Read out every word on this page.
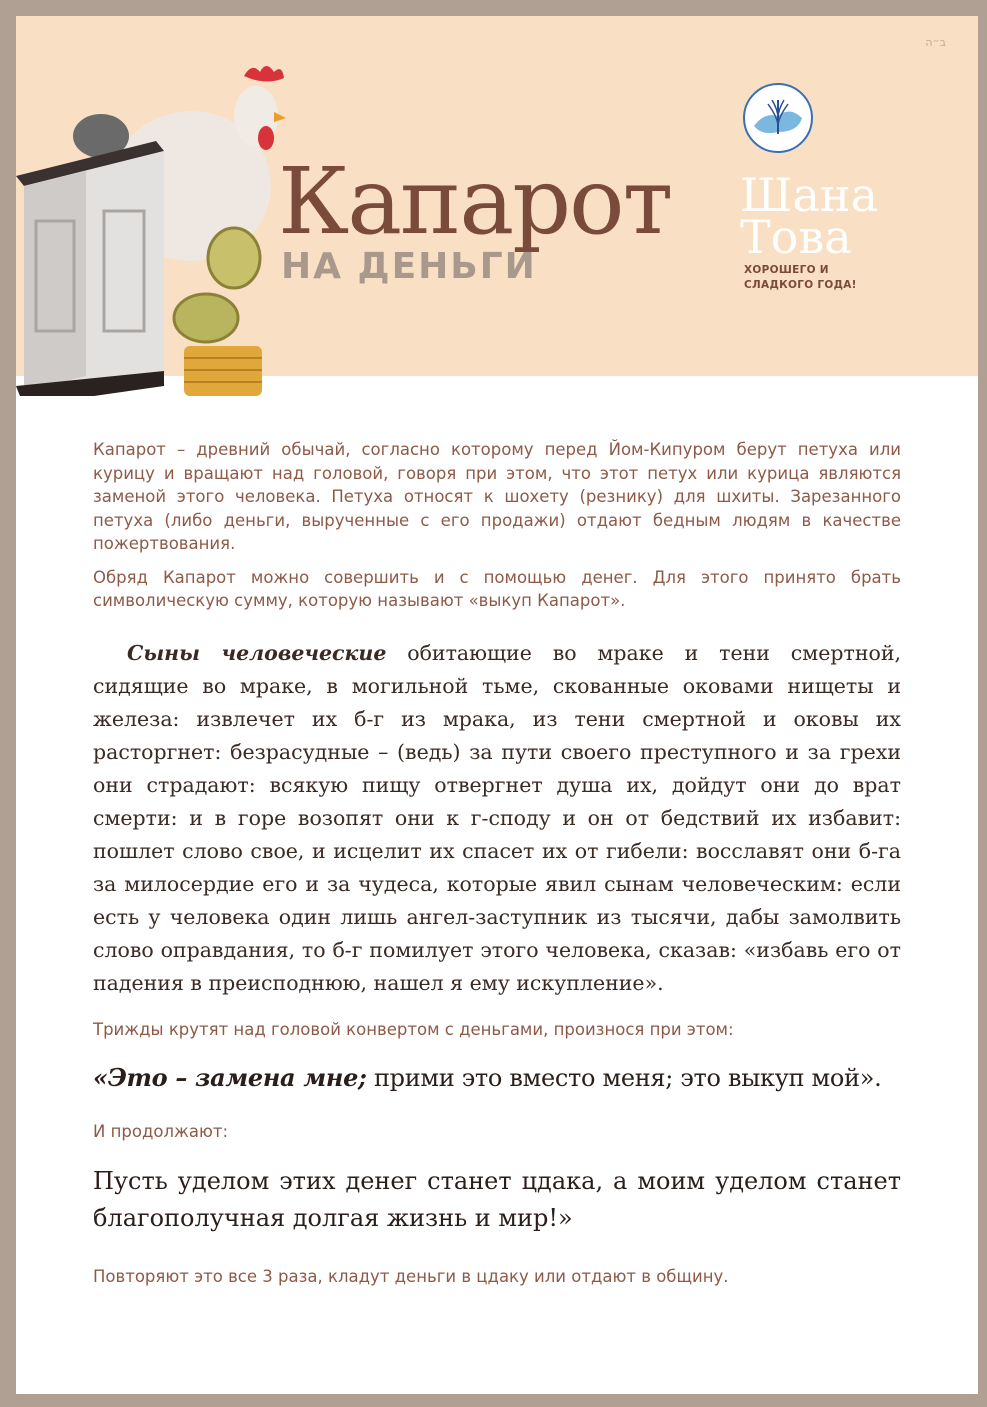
ב״ה
Капарот
НА ДЕНЬГИ
Шана
Това
ХОРОШЕГО И
СЛАДКОГО ГОДА!

Капарот – древний обычай, согласно которому перед Йом-Кипуром берут петуха или курицу и вращают над головой, говоря при этом, что этот петух или курица являются заменой этого человека. Петуха относят к шохету (резнику) для шхиты. Зарезанного петуха (либо деньги, вырученные с его продажи) отдают бедным людям в качестве пожертвования.

Обряд Капарот можно совершить и с помощью денег. Для этого принято брать символическую сумму, которую называют «выкуп Капарот».

Сыны человеческие обитающие во мраке и тени смертной, сидящие во мраке, в могильной тьме, скованные оковами нищеты и железа: извлечет их б-г из мрака, из тени смертной и оковы их расторгнет: безрасудные – (ведь) за пути своего преступного и за грехи они страдают: всякую пищу отвергнет душа их, дойдут они до врат смерти: и в горе возопят они к г-споду и он от бедствий их избавит: пошлет слово свое, и исцелит их спасет их от гибели: восславят они б-га за милосердие его и за чудеса, которые явил сынам человеческим: если есть у человека один лишь ангел-заступник из тысячи, дабы замолвить слово оправдания, то б-г помилует этого человека, сказав: «избавь его от падения в преисподнюю, нашел я ему искупление».

Трижды крутят над головой конвертом с деньгами, произнося при этом:

«Это – замена мне; прими это вместо меня; это выкуп мой».

И продолжают:

Пусть уделом этих денег станет цдака, а моим уделом станет благополучная долгая жизнь и мир!»

Повторяют это все 3 раза, кладут деньги в цдаку или отдают в общину.
